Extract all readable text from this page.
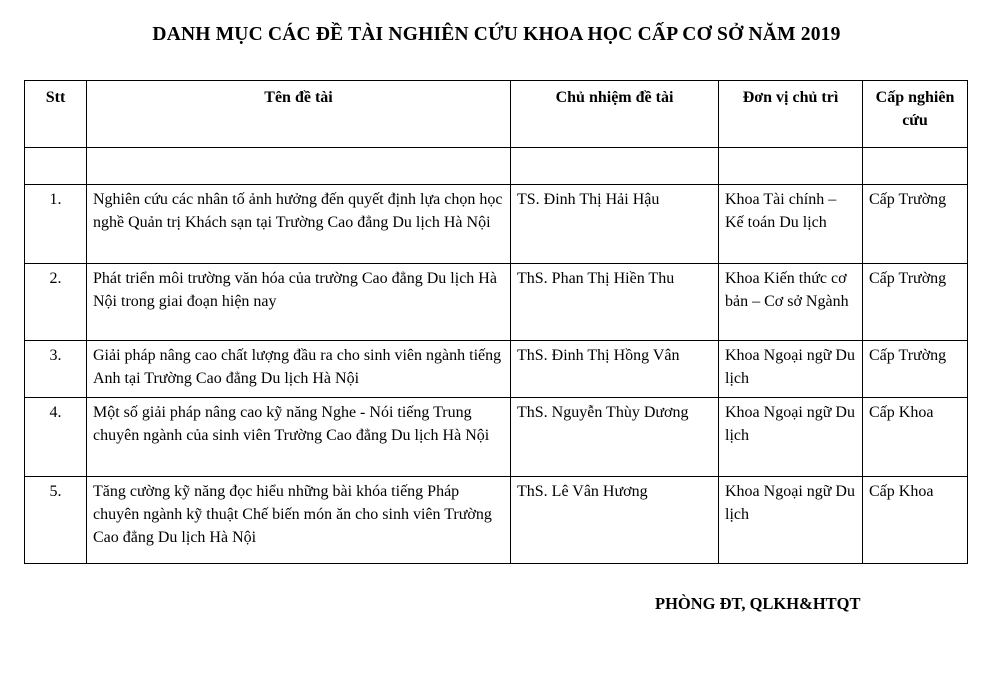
DANH MỤC CÁC ĐỀ TÀI NGHIÊN CỨU KHOA HỌC CẤP CƠ SỞ NĂM 2019
Stt	Tên đề tài	Chủ nhiệm đề tài	Đơn vị chủ trì	Cấp nghiên cứu

1.	Nghiên cứu các nhân tố ảnh hưởng đến quyết định lựa chọn học nghề Quản trị Khách sạn tại Trường Cao đẳng Du lịch Hà Nội	TS. Đinh Thị Hải Hậu	Khoa Tài chính – Kế toán Du lịch	Cấp Trường
2.	Phát triển môi trường văn hóa của trường Cao đẳng Du lịch Hà Nội trong giai đoạn hiện nay	ThS. Phan Thị Hiền Thu	Khoa Kiến thức cơ bản – Cơ sở Ngành	Cấp Trường
3.	Giải pháp nâng cao chất lượng đầu ra cho sinh viên ngành tiếng Anh tại Trường Cao đẳng Du lịch Hà Nội	ThS. Đinh Thị Hồng Vân	Khoa Ngoại ngữ Du lịch	Cấp Trường
4.	Một số giải pháp nâng cao kỹ năng Nghe - Nói tiếng Trung chuyên ngành của sinh viên Trường Cao đẳng Du lịch Hà Nội	ThS. Nguyễn Thùy Dương	Khoa Ngoại ngữ Du lịch	Cấp Khoa
5.	Tăng cường kỹ năng đọc hiểu những bài khóa tiếng Pháp chuyên ngành kỹ thuật Chế biến món ăn cho sinh viên Trường Cao đẳng Du lịch Hà Nội	ThS. Lê Vân Hương	Khoa Ngoại ngữ Du lịch	Cấp Khoa
PHÒNG ĐT, QLKH&HTQT
